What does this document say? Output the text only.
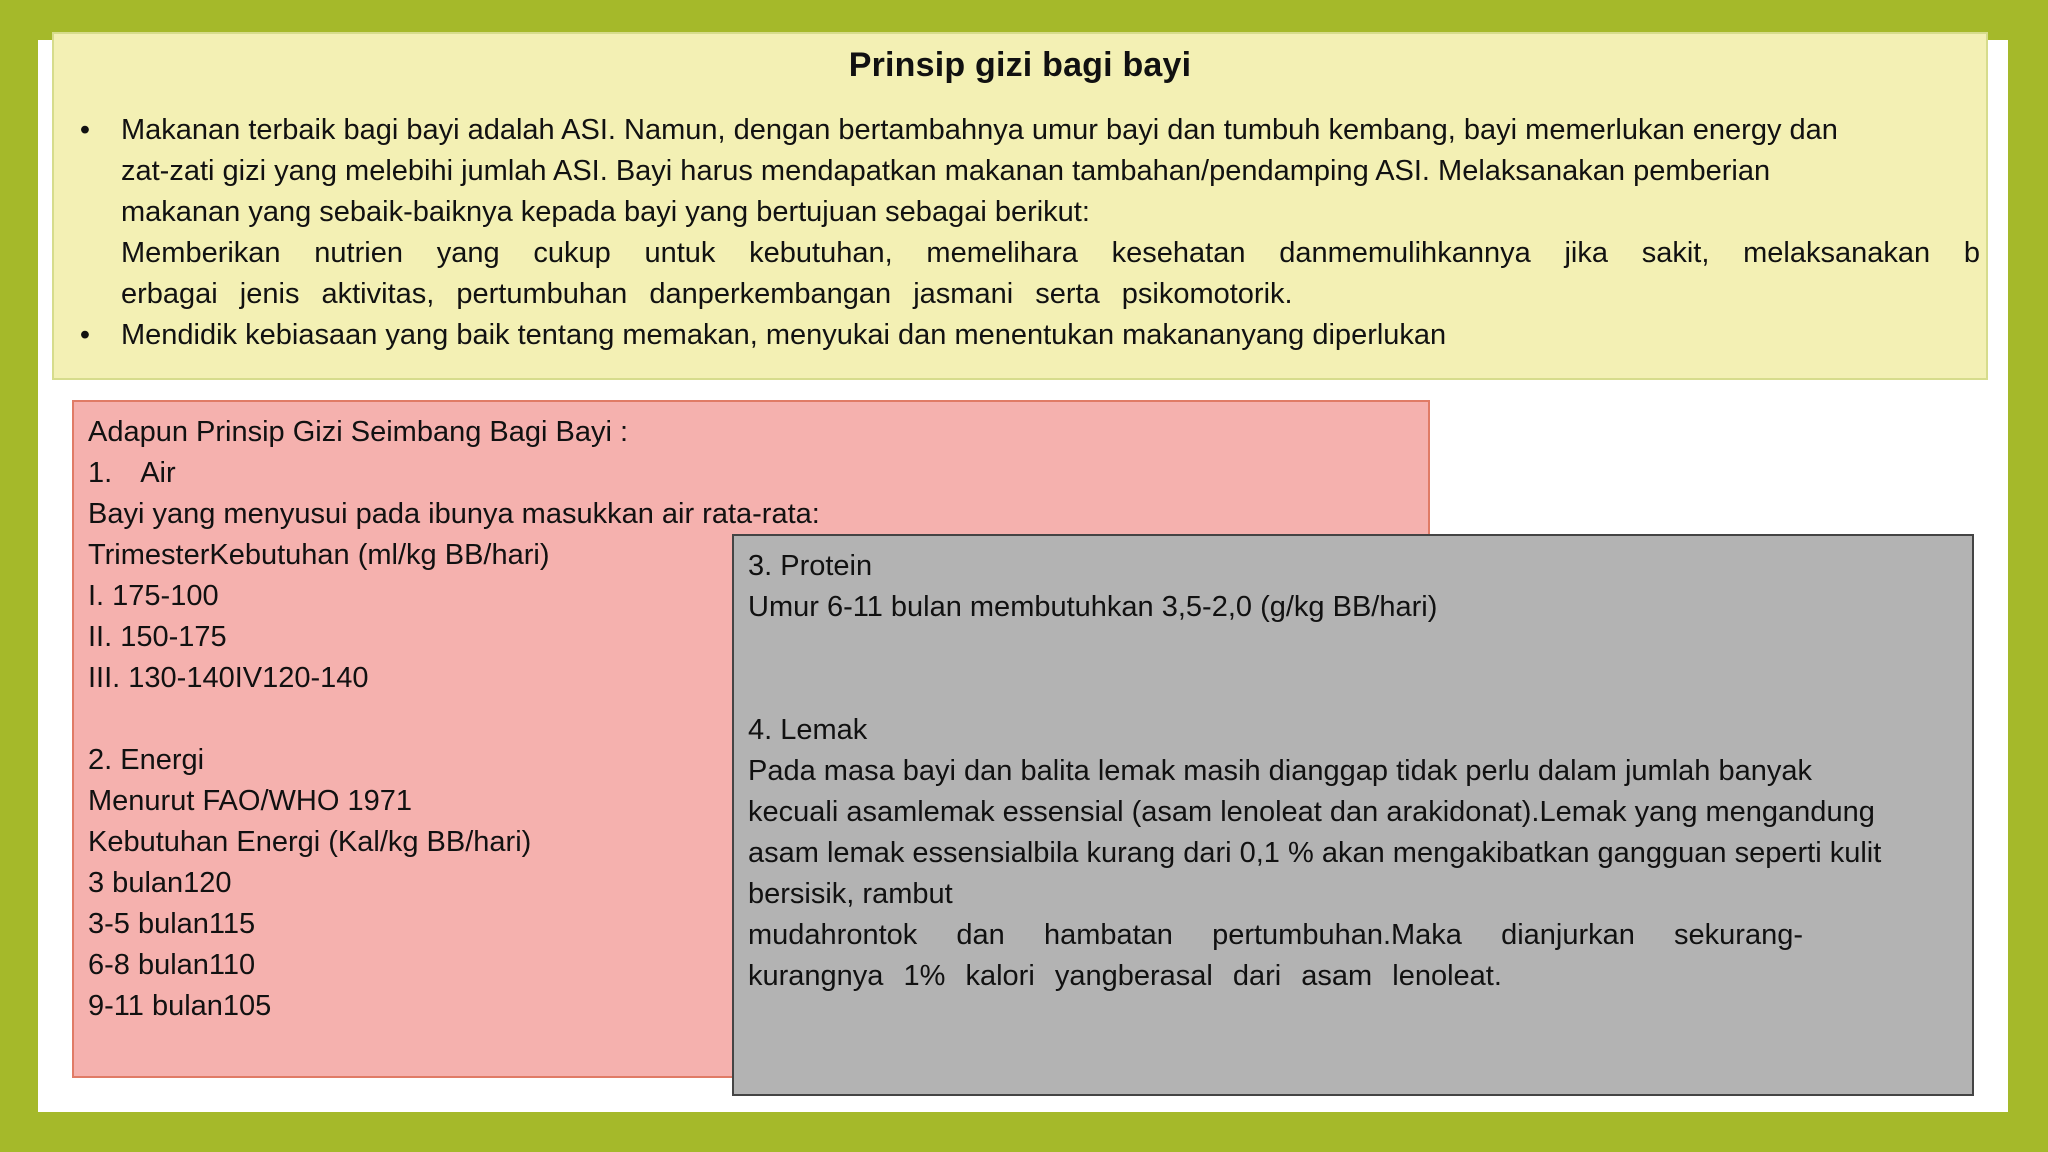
Prinsip gizi bagi bayi
•	Makanan terbaik bagi bayi adalah ASI. Namun, dengan bertambahnya umur bayi dan tumbuh kembang, bayi memerlukan energy dan
zat-zati gizi yang melebihi jumlah ASI. Bayi harus mendapatkan makanan tambahan/pendamping ASI. Melaksanakan pemberian
makanan yang sebaik-baiknya kepada bayi yang bertujuan sebagai berikut:
Memberikan nutrien yang cukup untuk kebutuhan, memelihara kesehatan danmemulihkannya jika sakit, melaksanakan b
erbagai jenis aktivitas, pertumbuhan danperkembangan jasmani serta psikomotorik.
•	Mendidik kebiasaan yang baik tentang memakan, menyukai dan menentukan makananyang diperlukan
Adapun Prinsip Gizi Seimbang Bagi Bayi :
1. Air
Bayi yang menyusui pada ibunya masukkan air rata-rata:
TrimesterKebutuhan (ml/kg BB/hari)
I. 175-100
II. 150-175
III. 130-140IV120-140
2. Energi
Menurut FAO/WHO 1971
Kebutuhan Energi (Kal/kg BB/hari)
3 bulan120
3-5 bulan115
6-8 bulan110
9-11 bulan105
3. Protein
Umur 6-11 bulan membutuhkan 3,5-2,0 (g/kg BB/hari)
4. Lemak
Pada masa bayi dan balita lemak masih dianggap tidak perlu dalam jumlah banyak
kecuali asamlemak essensial (asam lenoleat dan arakidonat).Lemak yang mengandung
asam lemak essensialbila kurang dari 0,1 % akan mengakibatkan gangguan seperti kulit
bersisik, rambut
mudahrontok dan hambatan pertumbuhan.Maka dianjurkan sekurang-
kurangnya 1% kalori yangberasal dari asam lenoleat.
